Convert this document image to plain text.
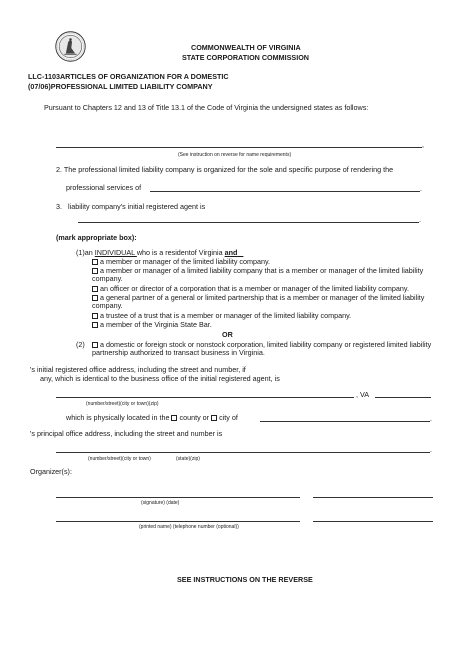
COMMONWEALTH OF VIRGINIA
STATE CORPORATION COMMISSION
LLC-1103ARTICLES OF ORGANIZATION FOR A DOMESTIC
(07/06)PROFESSIONAL LIMITED LIABILITY COMPANY
Pursuant to Chapters 12 and 13 of Title 13.1 of the Code of Virginia the undersigned states as follows:
,
(See instruction on reverse for name requirements)
2. The professional limited liability company is organized for the sole and specific purpose of rendering the
professional services of	.
3. liability company's initial registered agent is
.
(mark appropriate box):
(1)an INDIVIDUAL who is a residentof Virginia and
a member or manager of the limited liability company.
a member or manager of a limited liability company that is a member or manager of the limited liability company.
an officer or director of a corporation that is a member or manager of the limited liability company.
a general partner of a general or limited partnership that is a member or manager of the limited liability company.
a trustee of a trust that is a member or manager of the limited liability company.
a member of the Virginia State Bar.
OR
(2)	a domestic or foreign stock or nonstock corporation, limited liability company or registered limited liability partnership authorized to transact business in Virginia.
's initial registered office address, including the street and number, if
any, which is identical to the business office of the initial registered agent, is
, VA
(number/street)(city or town)(zip)
which is physically located in the county or city of	.
's principal office address, including the street and number is
.
(number/street)(city or town)	(state)(zip)
Organizer(s):
(signature) (date)
(printed name) (telephone number (optional))
SEE INSTRUCTIONS ON THE REVERSE
